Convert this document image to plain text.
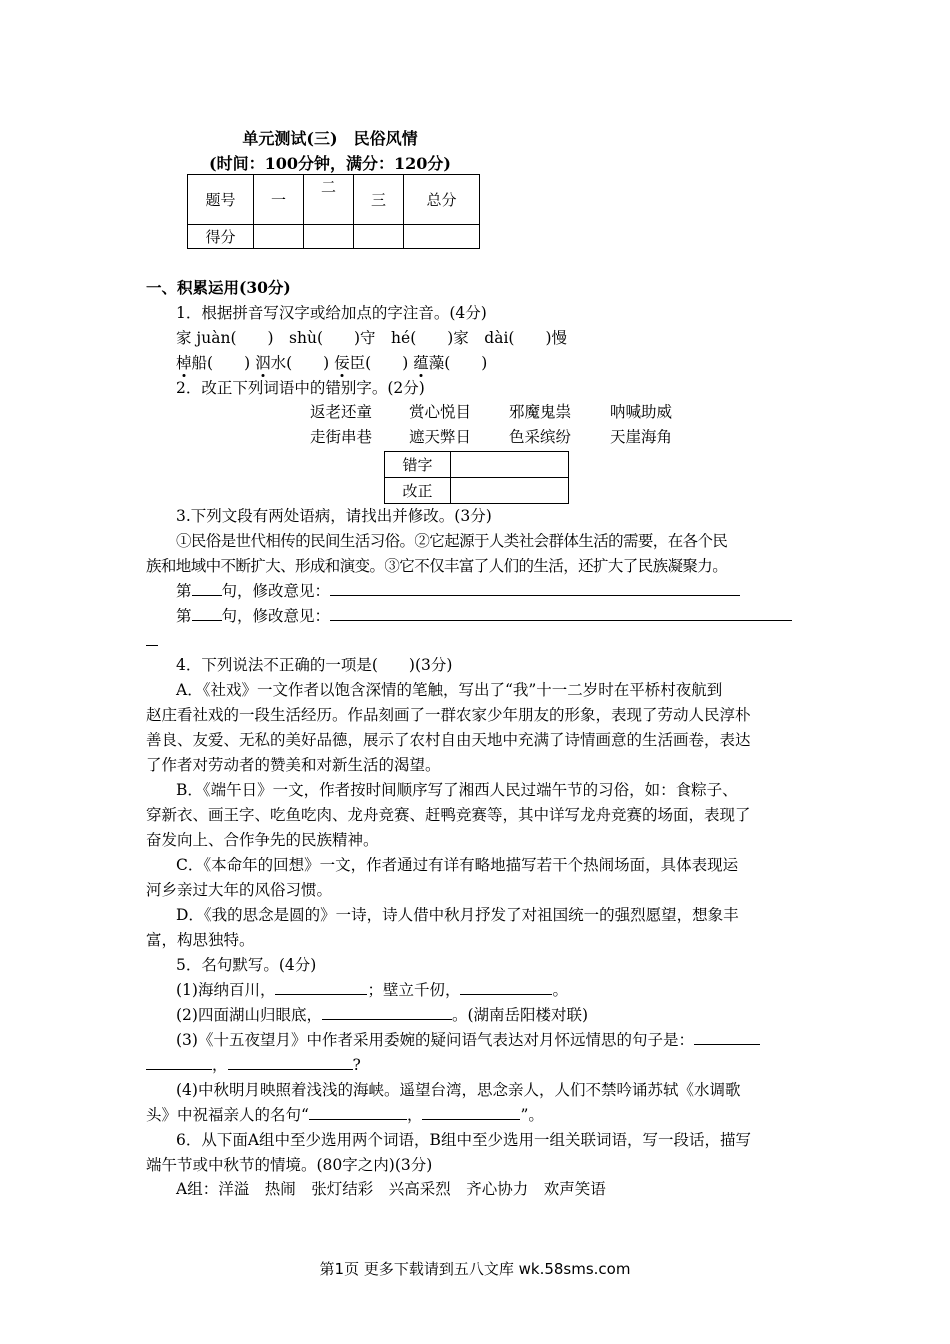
单元测试(三)　民俗风情
(时间：100分钟，满分：120分)
题号	一	二	三	总分
得分				
一、积累运用(30分)
1．根据拼音写汉字或给加点的字注音。(4分)
家 juàn(　　)　shù(　　)守　hé(　　)家　dài(　　)慢
棹船(　　) 泅水(　　) 佞臣(　　) 蕴藻(　　)
2．改正下列词语中的错别字。(2分)
返老还童 赏心悦目 邪魔鬼祟	呐喊助威
走街串巷 遮天弊日 色采缤纷	天崖海角
错字	
改正	
3.下列文段有两处语病，请找出并修改。(3分)
①民俗是世代相传的民间生活习俗。②它起源于人类社会群体生活的需要，在各个民
族和地域中不断扩大、形成和演变。③它不仅丰富了人们的生活，还扩大了民族凝聚力。
第 句，修改意见：
第 句，修改意见：
4．下列说法不正确的一项是(　　)(3分)
A．《社戏》一文作者以饱含深情的笔触，写出了“我”十一二岁时在平桥村夜航到
赵庄看社戏的一段生活经历。作品刻画了一群农家少年朋友的形象，表现了劳动人民淳朴
善良、友爱、无私的美好品德，展示了农村自由天地中充满了诗情画意的生活画卷，表达
了作者对劳动者的赞美和对新生活的渴望。
B．《端午日》一文，作者按时间顺序写了湘西人民过端午节的习俗，如：食粽子、
穿新衣、画王字、吃鱼吃肉、龙舟竞赛、赶鸭竞赛等，其中详写龙舟竞赛的场面，表现了
奋发向上、合作争先的民族精神。
C．《本命年的回想》一文，作者通过有详有略地描写若干个热闹场面，具体表现运
河乡亲过大年的风俗习惯。
D．《我的思念是圆的》一诗，诗人借中秋月抒发了对祖国统一的强烈愿望，想象丰
富，构思独特。
5．名句默写。(4分)
(1)海纳百川，	；壁立千仞，	。
(2)四面湖山归眼底，	。(湖南岳阳楼对联)
(3)《十五夜望月》中作者采用委婉的疑问语气表达对月怀远情思的句子是：
，	?
(4)中秋明月映照着浅浅的海峡。遥望台湾，思念亲人，人们不禁吟诵苏轼《水调歌
头》中祝福亲人的名句“	，	”。
6．从下面A组中至少选用两个词语，B组中至少选用一组关联词语，写一段话，描写
端午节或中秋节的情境。(80字之内)(3分)
A组：洋溢　热闹　张灯结彩　兴高采烈　齐心协力　欢声笑语
第1页 更多下载请到五八文库 wk.58sms.com
